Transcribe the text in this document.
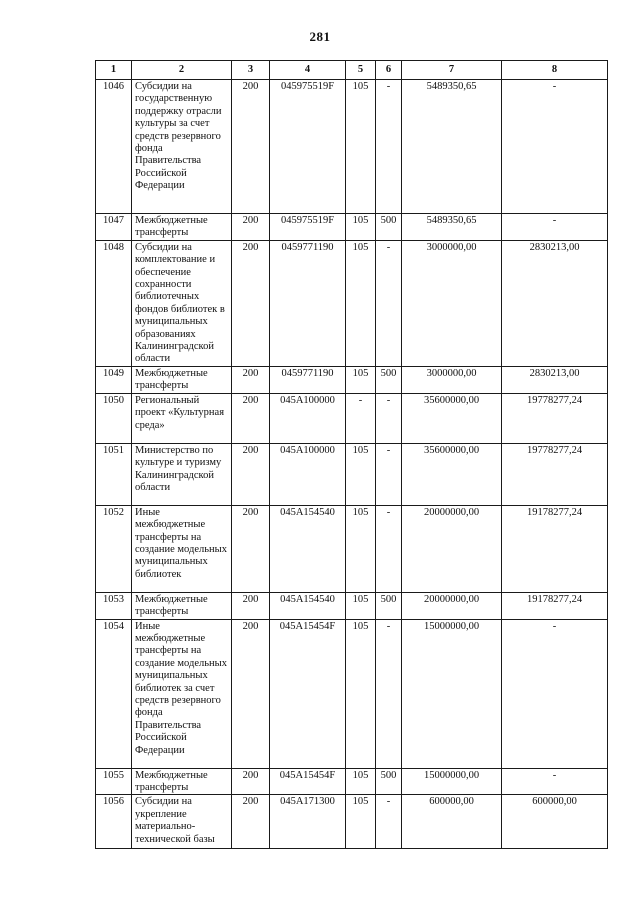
281
1	2	3	4	5	6	7	8
1046	Субсидии на государственную поддержку отрасли культуры за счет средств резервного фонда Правительства Российской Федерации	200	045975519F	105	-	5489350,65	-
1047	Межбюджетные трансферты	200	045975519F	105	500	5489350,65	-
1048	Субсидии на комплектование и обеспечение сохранности библиотечных фондов библиотек в муниципальных образованиях Калининградской области	200	0459771190	105	-	3000000,00	2830213,00
1049	Межбюджетные трансферты	200	0459771190	105	500	3000000,00	2830213,00
1050	Региональный проект «Культурная среда»	200	045A100000	-	-	35600000,00	19778277,24
1051	Министерство по культуре и туризму Калининградской области	200	045A100000	105	-	35600000,00	19778277,24
1052	Иные межбюджетные трансферты на создание модельных муниципальных библиотек	200	045A154540	105	-	20000000,00	19178277,24
1053	Межбюджетные трансферты	200	045A154540	105	500	20000000,00	19178277,24
1054	Иные межбюджетные трансферты на создание модельных муниципальных библиотек за счет средств резервного фонда Правительства Российской Федерации	200	045A15454F	105	-	15000000,00	-
1055	Межбюджетные трансферты	200	045A15454F	105	500	15000000,00	-
1056	Субсидии на укрепление материально-технической базы	200	045A171300	105	-	600000,00	600000,00
